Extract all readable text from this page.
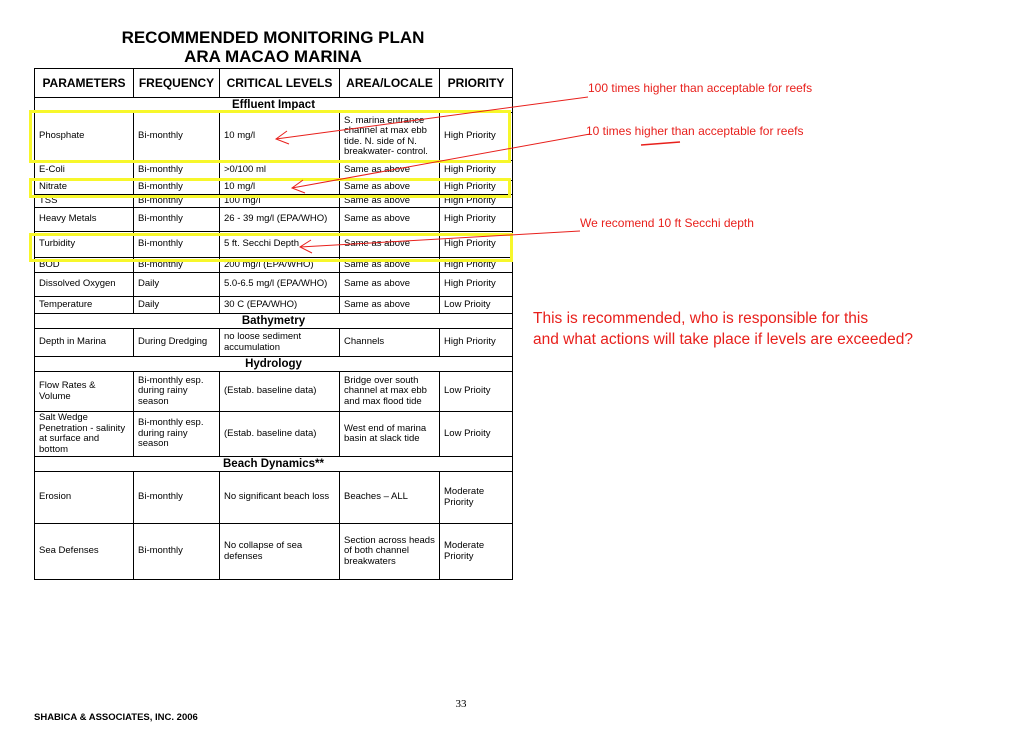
RECOMMENDED MONITORING PLAN
ARA MACAO MARINA
PARAMETERS	FREQUENCY	CRITICAL LEVELS	AREA/LOCALE	PRIORITY
Effluent Impact				
Phosphate	Bi-monthly	10 mg/l	S. marina entrance channel at max ebb tide. N. side of N. breakwater- control.	High Priority
E-Coli	Bi-monthly	>0/100 ml	Same as above	High Priority
Nitrate	Bi-monthly	10 mg/l	Same as above	High Priority
TSS	Bi-monthly	100 mg/l	Same as above	High Priority
Heavy Metals	Bi-monthly	26 - 39 mg/l (EPA/WHO)	Same as above	High Priority
Turbidity	Bi-monthly	5 ft. Secchi Depth	Same as above	High Priority
BOD	Bi-monthly	200 mg/l (EPA/WHO)	Same as above	High Priority
Dissolved Oxygen	Daily	5.0-6.5 mg/l (EPA/WHO)	Same as above	High Priority
Temperature	Daily	30 C (EPA/WHO)	Same as above	Low Prioity
Bathymetry				
Depth in Marina	During Dredging	no loose sediment accumulation	Channels	High Priority
Hydrology				
Flow Rates & Volume	Bi-monthly esp. during rainy season	(Estab. baseline data)	Bridge over south channel at max ebb and max flood tide	Low Prioity
Salt Wedge Penetration - salinity at surface and bottom	Bi-monthly esp. during rainy season	(Estab. baseline data)	West end of marina basin at slack tide	Low Prioity
Beach Dynamics**				
Erosion	Bi-monthly	No significant beach loss	Beaches – ALL	Moderate Priority
Sea Defenses	Bi-monthly	No collapse of sea defenses	Section across heads of both channel breakwaters	Moderate Priority
100 times higher than acceptable for reefs
10 times higher than acceptable for reefs
We recomend 10 ft Secchi depth
This is recommended, who is responsible for this
and what actions will take place if levels are exceeded?
33
SHABICA & ASSOCIATES, INC. 2006
